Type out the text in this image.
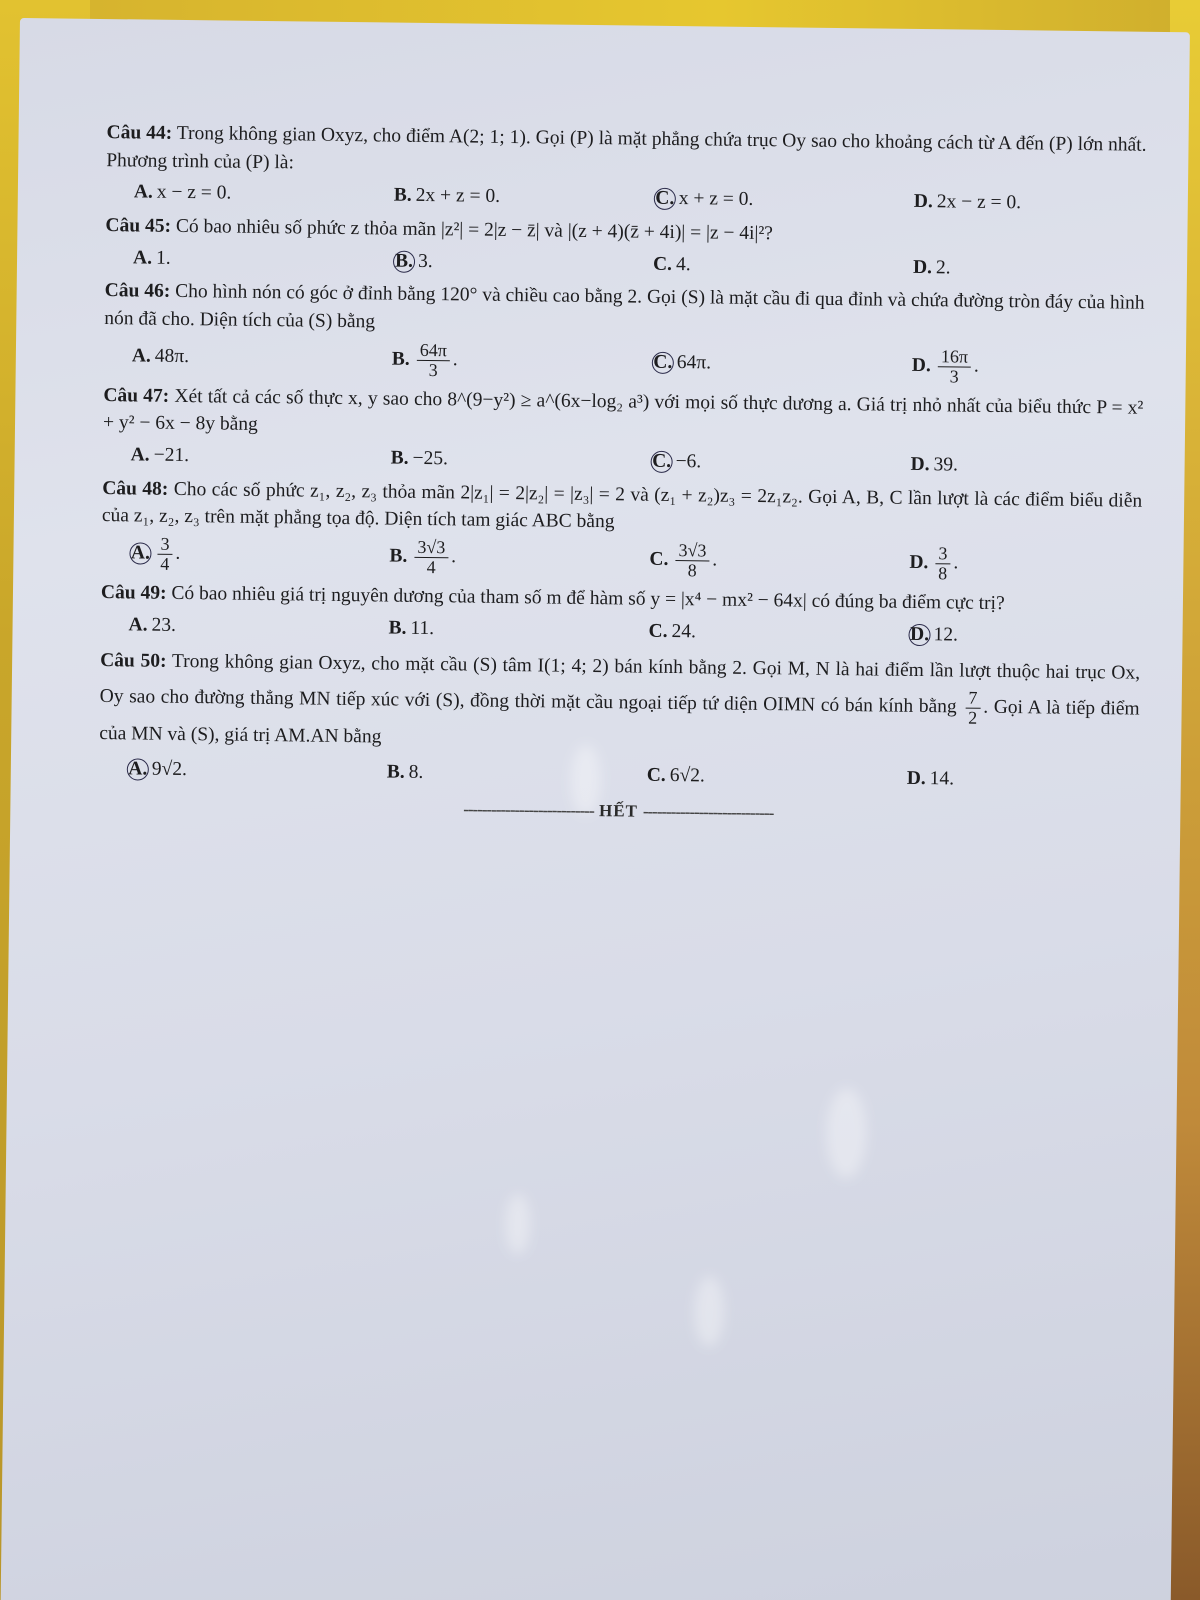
Câu 44: Trong không gian Oxyz, cho điểm A(2; 1; 1). Gọi (P) là mặt phẳng chứa trục Oy sao cho khoảng cách từ A đến (P) lớn nhất. Phương trình của (P) là:
A. x − z = 0.	B. 2x + z = 0.	C. x + z = 0.	D. 2x − z = 0.
Câu 45: Có bao nhiêu số phức z thỏa mãn |z²| = 2|z − z̄| và |(z + 4)(z̄ + 4i)| = |z − 4i|²?
A. 1.	B. 3.	C. 4.	D. 2.
Câu 46: Cho hình nón có góc ở đỉnh bằng 120° và chiều cao bằng 2. Gọi (S) là mặt cầu đi qua đỉnh và chứa đường tròn đáy của hình nón đã cho. Diện tích của (S) bằng
A. 48π.	B. $\frac{64\pi}{3}$ .	C. 64π.	D. $\frac{16\pi}{3}$ .
Câu 47: Xét tất cả các số thực x, y sao cho 8^(9−y²) ≥ a^(6x−log₂ a³) với mọi số thực dương a. Giá trị nhỏ nhất của biểu thức P = x² + y² − 6x − 8y bằng
A. −21.	B. −25.	C. −6.	D. 39.
Câu 48: Cho các số phức z₁, z₂, z₃ thỏa mãn 2|z₁| = 2|z₂| = |z₃| = 2 và (z₁ + z₂)z₃ = 2z₁z₂. Gọi A, B, C lần lượt là các điểm biểu diễn của z₁, z₂, z₃ trên mặt phẳng tọa độ. Diện tích tam giác ABC bằng
A. $\frac{3}{4}$ .	B. $\frac{3√3}{4}$ .	C. $\frac{3√3}{8}$ .	D. $\frac{3}{8}$ .
Câu 49: Có bao nhiêu giá trị nguyên dương của tham số m để hàm số y = |x⁴ − mx² − 64x| có đúng ba điểm cực trị?
A. 23.	B. 11.	C. 24.	D. 12.
Câu 50: Trong không gian Oxyz, cho mặt cầu (S) tâm I(1; 4; 2) bán kính bằng 2. Gọi M, N là hai điểm lần lượt thuộc hai trục Ox, Oy sao cho đường thẳng MN tiếp xúc với (S), đồng thời mặt cầu ngoại tiếp tứ diện OIMN có bán kính bằng $\frac{7}{2}$ . Gọi A là tiếp điểm của MN và (S), giá trị AM.AN bằng
A. 9√2.	B. 8.	C. 6√2.	D. 14.
---------------------------- HẾT ----------------------------
